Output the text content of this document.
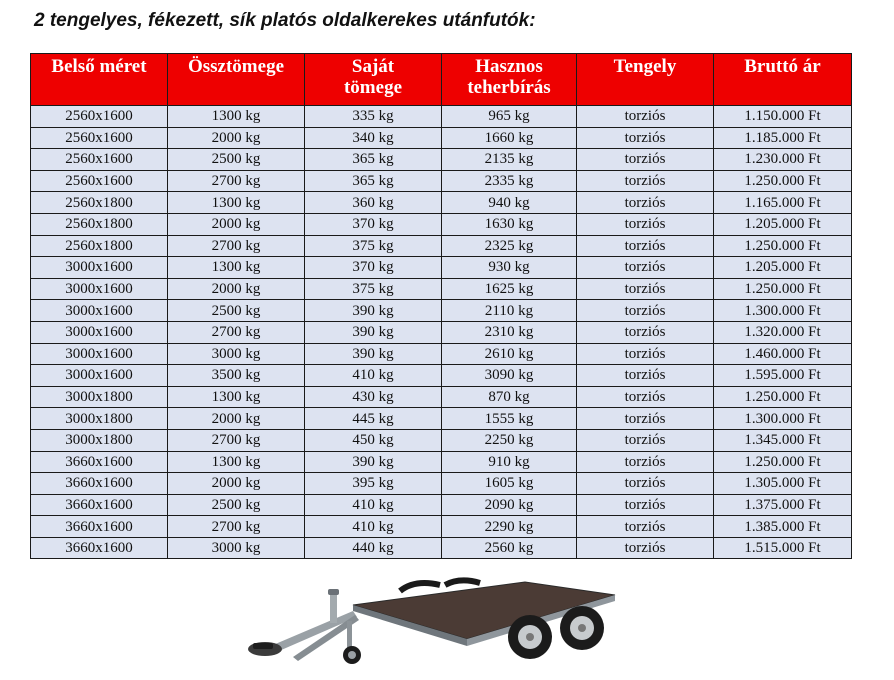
2 tengelyes, fékezett, sík platós oldalkerekes utánfutók:
Belső méret	Össztömege	Saját
tömege	Hasznos
teherbírás	Tengely	Bruttó ár
2560x1600	1300 kg	335 kg	965 kg	torziós	1.150.000 Ft
2560x1600	2000 kg	340 kg	1660 kg	torziós	1.185.000 Ft
2560x1600	2500 kg	365 kg	2135 kg	torziós	1.230.000 Ft
2560x1600	2700 kg	365 kg	2335 kg	torziós	1.250.000 Ft
2560x1800	1300 kg	360 kg	940 kg	torziós	1.165.000 Ft
2560x1800	2000 kg	370 kg	1630 kg	torziós	1.205.000 Ft
2560x1800	2700 kg	375 kg	2325 kg	torziós	1.250.000 Ft
3000x1600	1300 kg	370 kg	930 kg	torziós	1.205.000 Ft
3000x1600	2000 kg	375 kg	1625 kg	torziós	1.250.000 Ft
3000x1600	2500 kg	390 kg	2110 kg	torziós	1.300.000 Ft
3000x1600	2700 kg	390 kg	2310 kg	torziós	1.320.000 Ft
3000x1600	3000 kg	390 kg	2610 kg	torziós	1.460.000 Ft
3000x1600	3500 kg	410 kg	3090 kg	torziós	1.595.000 Ft
3000x1800	1300 kg	430 kg	870 kg	torziós	1.250.000 Ft
3000x1800	2000 kg	445 kg	1555 kg	torziós	1.300.000 Ft
3000x1800	2700 kg	450 kg	2250 kg	torziós	1.345.000 Ft
3660x1600	1300 kg	390 kg	910 kg	torziós	1.250.000 Ft
3660x1600	2000 kg	395 kg	1605 kg	torziós	1.305.000 Ft
3660x1600	2500 kg	410 kg	2090 kg	torziós	1.375.000 Ft
3660x1600	2700 kg	410 kg	2290 kg	torziós	1.385.000 Ft
3660x1600	3000 kg	440 kg	2560 kg	torziós	1.515.000 Ft
